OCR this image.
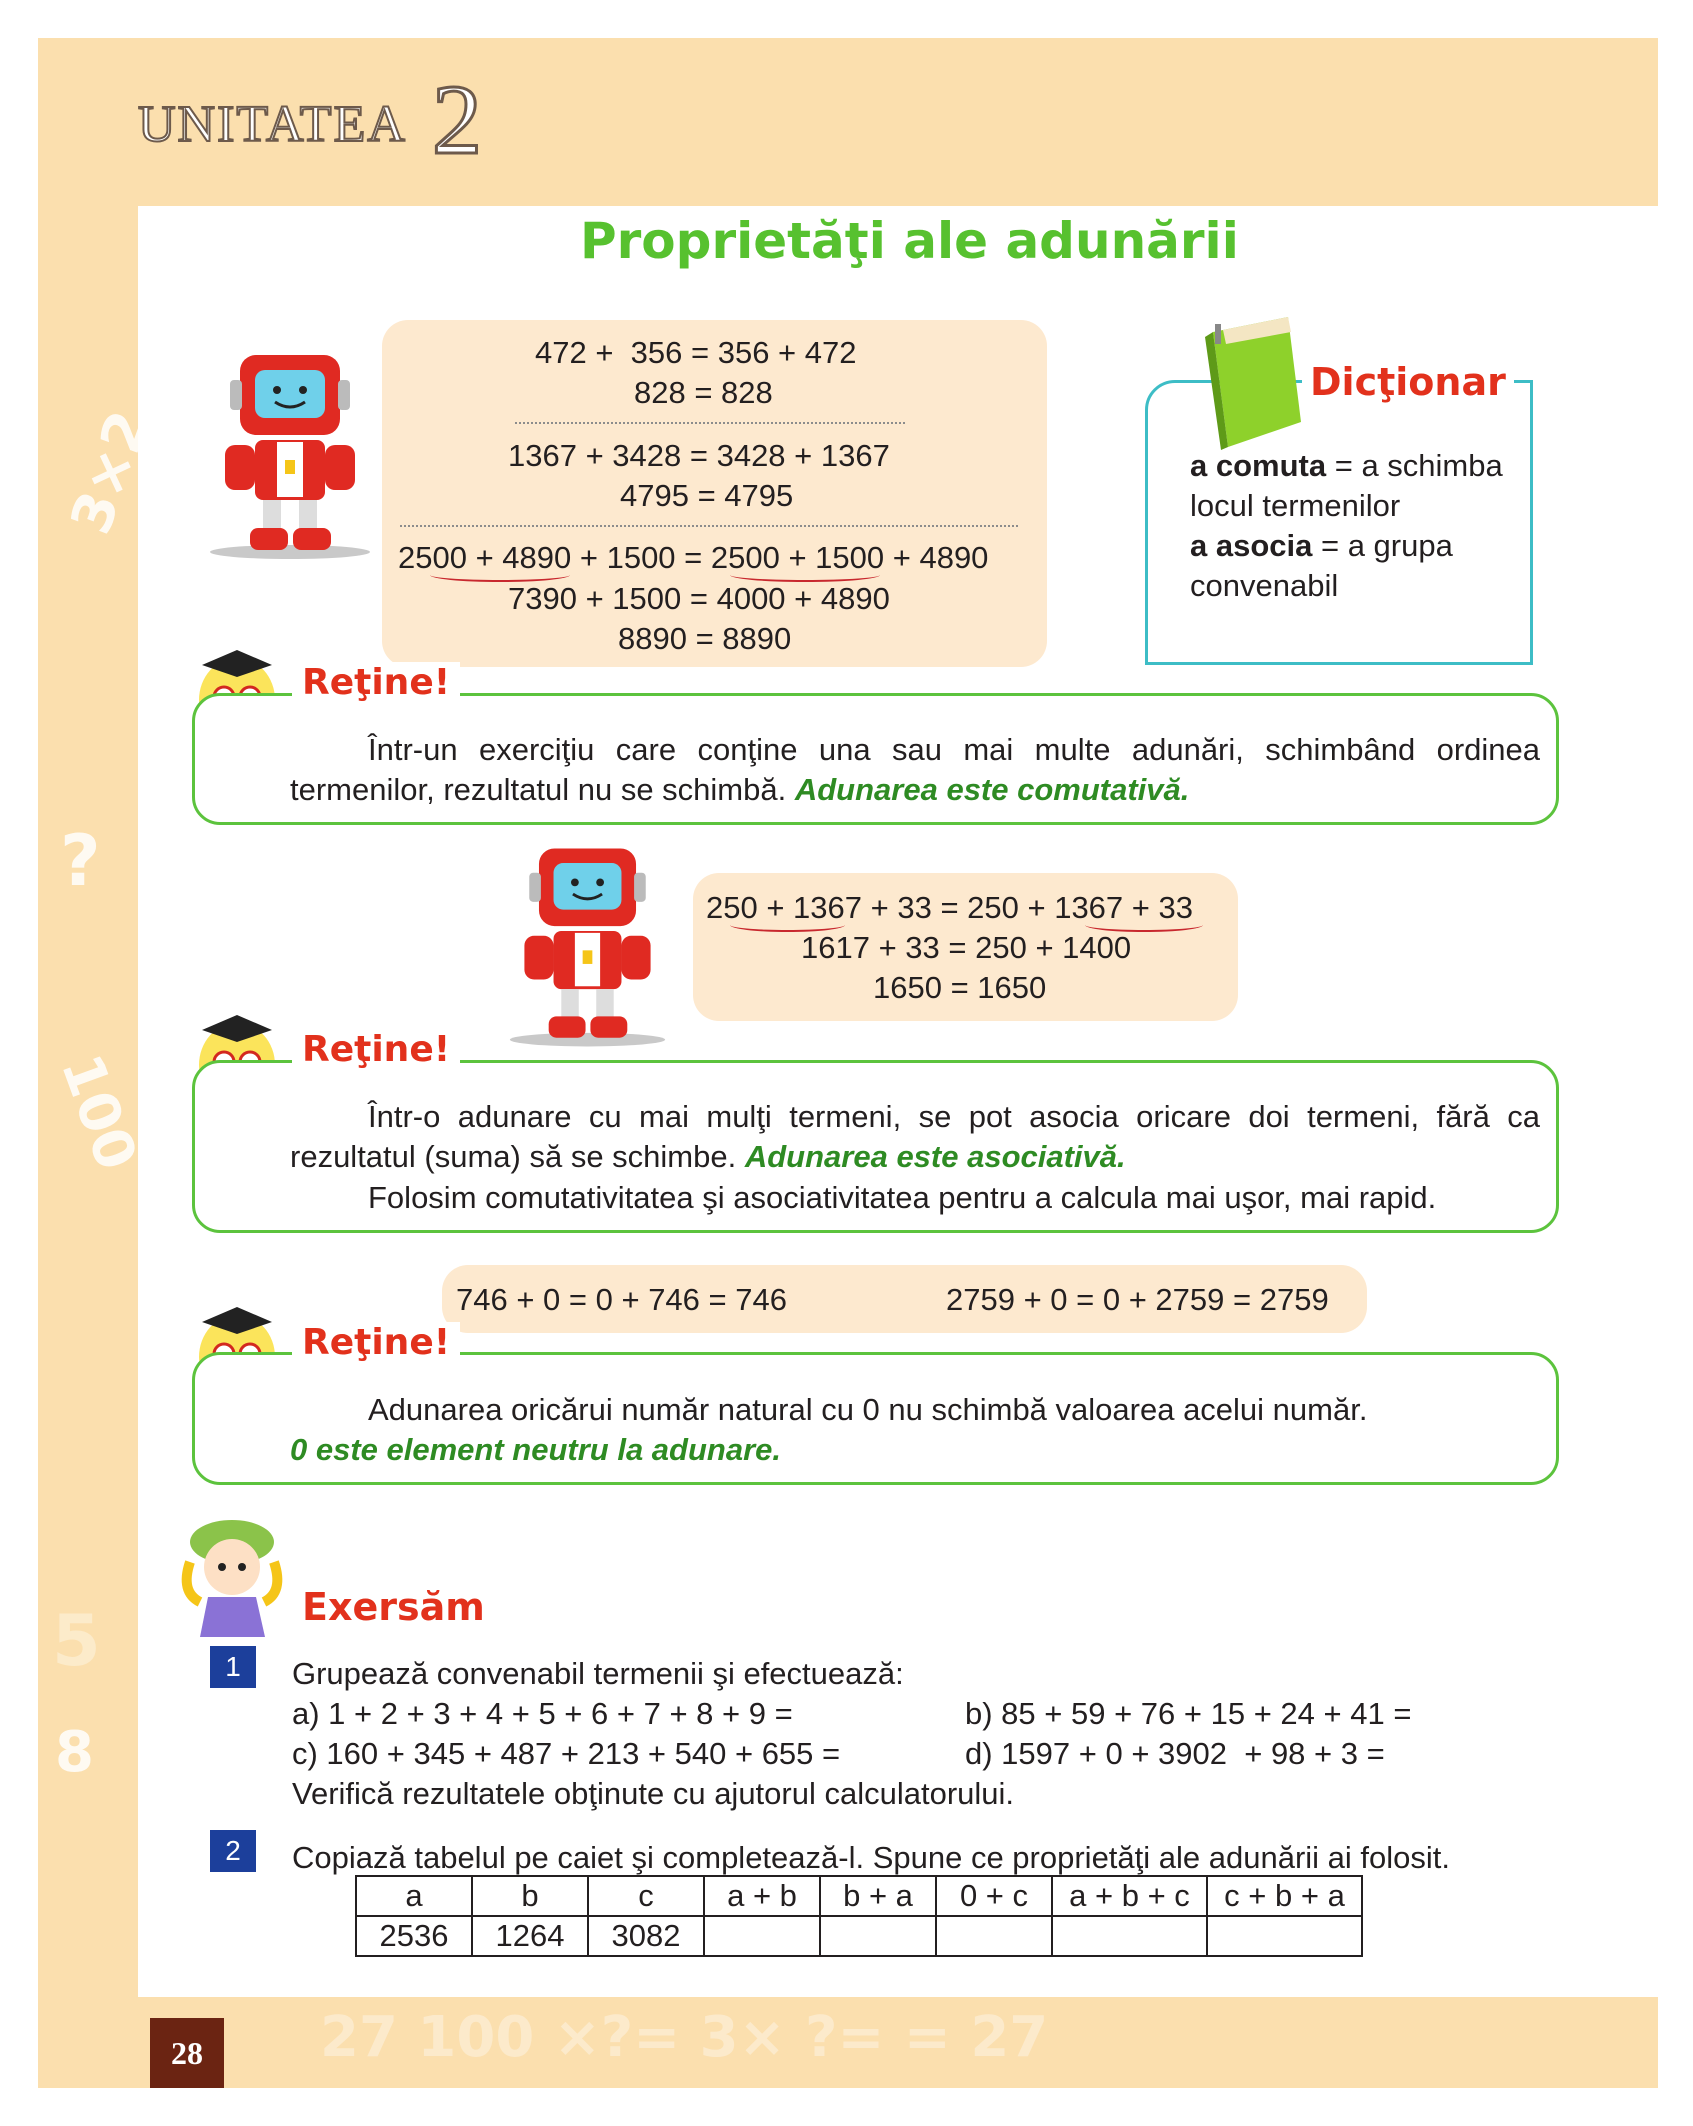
UNITATEA 2
28
3×2
?
100
5
8
27 100 ×?= 3× ?= = 27
Proprietăţi ale adunării
472 +  356 = 356 + 472
828 = 828
1367 + 3428 = 3428 + 1367
4795 = 4795
2500 + 4890 + 1500 = 2500 + 1500 + 4890
7390 + 1500 = 4000 + 4890
8890 = 8890
Dicţionar
a comuta = a schimba
locul termenilor
a asocia = a grupa
convenabil
Reţine!
Într-un exerciţiu care conţine una sau mai multe adunări, schimbând ordinea termenilor, rezultatul nu se schimbă. Adunarea este comutativă.
250 + 1367 + 33 = 250 + 1367 + 33
1617 + 33 = 250 + 1400
1650 = 1650
Reţine!
Într-o adunare cu mai mulţi termeni, se pot asocia oricare doi termeni, fără ca rezultatul (suma) să se schimbe. Adunarea este asociativă.
Folosim comutativitatea şi asociativitatea pentru a calcula mai uşor, mai rapid.
746 + 0 = 0 + 746 = 746	2759 + 0 = 0 + 2759 = 2759
Reţine!
Adunarea oricărui număr natural cu 0 nu schimbă valoarea acelui număr.
0 este element neutru la adunare.
Exersăm
1	Grupează convenabil termenii şi efectuează:
a) 1 + 2 + 3 + 4 + 5 + 6 + 7 + 8 + 9 =	b) 85 + 59 + 76 + 15 + 24 + 41 =
c) 160 + 345 + 487 + 213 + 540 + 655 =	d) 1597 + 0 + 3902  + 98 + 3 =
Verifică rezultatele obţinute cu ajutorul calculatorului.
2	Copiază tabelul pe caiet şi completează-l. Spune ce proprietăţi ale adunării ai folosit.
a	b	c	a + b	b + a	0 + c	a + b + c	c + b + a
2536	1264	3082					
